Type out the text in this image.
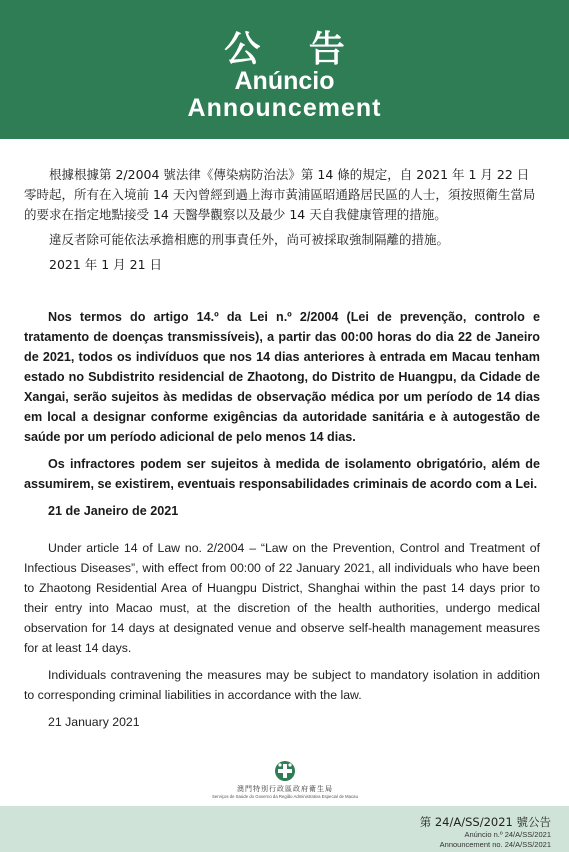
公 告
Anúncio
Announcement

根據根據第 2/2004 號法律《傳染病防治法》第 14 條的規定，自 2021 年 1 月 22 日零時起，所有在入境前 14 天內曾經到過上海市黃浦區昭通路居民區的人士，須按照衛生當局的要求在指定地點接受 14 天醫學觀察以及最少 14 天自我健康管理的措施。

違反者除可能依法承擔相應的刑事責任外，尚可被採取強制隔離的措施。

2021 年 1 月 21 日

Nos termos do artigo 14.º da Lei n.º 2/2004 (Lei de prevenção, controlo e tratamento de doenças transmissíveis), a partir das 00:00 horas do dia 22 de Janeiro de 2021, todos os indivíduos que nos 14 dias anteriores à entrada em Macau tenham estado no Subdistrito residencial de Zhaotong, do Distrito de Huangpu, da Cidade de Xangai, serão sujeitos às medidas de observação médica por um período de 14 dias em local a designar conforme exigências da autoridade sanitária e à autogestão de saúde por um período adicional de pelo menos 14 dias.

Os infractores podem ser sujeitos à medida de isolamento obrigatório, além de assumirem, se existirem, eventuais responsabilidades criminais de acordo com a Lei.

21 de Janeiro de 2021

Under article 14 of Law no. 2/2004 – “Law on the Prevention, Control and Treatment of Infectious Diseases”, with effect from 00:00 of 22 January 2021, all individuals who have been to Zhaotong Residential Area of Huangpu District, Shanghai within the past 14 days prior to their entry into Macao must, at the discretion of the health authorities, undergo medical observation for 14 days at designated venue and observe self-health management measures for at least 14 days.

Individuals contravening the measures may be subject to mandatory isolation in addition to corresponding criminal liabilities in accordance with the law.

21 January 2021

澳門特別行政區政府衛生局
Serviços de Saúde do Governo da Região Administrativa Especial de Macau
第 24/A/SS/2021 號公告
Anúncio n.º 24/A/SS/2021
Announcement no. 24/A/SS/2021
